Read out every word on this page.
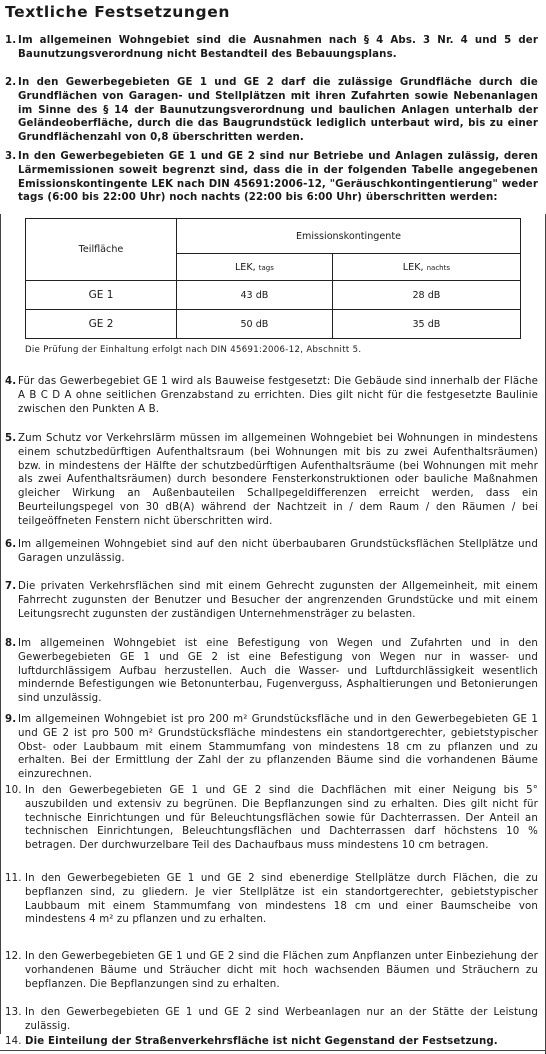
Textliche Festsetzungen
1. Im allgemeinen Wohngebiet sind die Ausnahmen nach § 4 Abs. 3 Nr. 4 und 5 der Baunutzungsverordnung nicht Bestandteil des Bebauungsplans.
2. In den Gewerbegebieten GE 1 und GE 2 darf die zulässige Grundfläche durch die Grundflächen von Garagen- und Stellplätzen mit ihren Zufahrten sowie Nebenanlagen im Sinne des § 14 der Baunutzungsverordnung und baulichen Anlagen unterhalb der Geländeoberfläche, durch die das Baugrundstück lediglich unterbaut wird, bis zu einer Grundflächenzahl von 0,8 überschritten werden.
3. In den Gewerbegebieten GE 1 und GE 2 sind nur Betriebe und Anlagen zulässig, deren Lärmemissionen soweit begrenzt sind, dass die in der folgenden Tabelle angegebenen Emissionskontingente LEK nach DIN 45691:2006-12, "Geräuschkontingentierung" weder tags (6:00 bis 22:00 Uhr) noch nachts (22:00 bis 6:00 Uhr) überschritten werden:
Teilfläche	Emissionskontingente	
	LEK, tags	LEK, nachts
GE 1	43 dB	28 dB
GE 2	50 dB	35 dB
Die Prüfung der Einhaltung erfolgt nach DIN 45691:2006-12, Abschnitt 5.
4. Für das Gewerbegebiet GE 1 wird als Bauweise festgesetzt: Die Gebäude sind innerhalb der Fläche A B C D A ohne seitlichen Grenzabstand zu errichten. Dies gilt nicht für die festgesetzte Baulinie zwischen den Punkten A B.
5. Zum Schutz vor Verkehrslärm müssen im allgemeinen Wohngebiet bei Wohnungen in mindestens einem schutzbedürftigen Aufenthaltsraum (bei Wohnungen mit bis zu zwei Aufenthaltsräumen) bzw. in mindestens der Hälfte der schutzbedürftigen Aufenthaltsräume (bei Wohnungen mit mehr als zwei Aufenthaltsräumen) durch besondere Fensterkonstruktionen oder bauliche Maßnahmen gleicher Wirkung an Außenbauteilen Schallpegeldifferenzen erreicht werden, dass ein Beurteilungspegel von 30 dB(A) während der Nachtzeit in / dem Raum / den Räumen / bei teilgeöffneten Fenstern nicht überschritten wird.
6. Im allgemeinen Wohngebiet sind auf den nicht überbaubaren Grundstücksflächen Stellplätze und Garagen unzulässig.
7. Die privaten Verkehrsflächen sind mit einem Gehrecht zugunsten der Allgemeinheit, mit einem Fahrrecht zugunsten der Benutzer und Besucher der angrenzenden Grundstücke und mit einem Leitungsrecht zugunsten der zuständigen Unternehmensträger zu belasten.
8. Im allgemeinen Wohngebiet ist eine Befestigung von Wegen und Zufahrten und in den Gewerbegebieten GE 1 und GE 2 ist eine Befestigung von Wegen nur in wasser- und luftdurchlässigem Aufbau herzustellen. Auch die Wasser- und Luftdurchlässigkeit wesentlich mindernde Befestigungen wie Betonunterbau, Fugenverguss, Asphaltierungen und Betonierungen sind unzulässig.
9. Im allgemeinen Wohngebiet ist pro 200 m² Grundstücksfläche und in den Gewerbegebieten GE 1 und GE 2 ist pro 500 m² Grundstücksfläche mindestens ein standortgerechter, gebietstypischer Obst- oder Laubbaum mit einem Stammumfang von mindestens 18 cm zu pflanzen und zu erhalten. Bei der Ermittlung der Zahl der zu pflanzenden Bäume sind die vorhandenen Bäume einzurechnen.
10. In den Gewerbegebieten GE 1 und GE 2 sind die Dachflächen mit einer Neigung bis 5° auszubilden und extensiv zu begrünen. Die Bepflanzungen sind zu erhalten. Dies gilt nicht für technische Einrichtungen und für Beleuchtungsflächen sowie für Dachterrassen. Der Anteil an technischen Einrichtungen, Beleuchtungsflächen und Dachterrassen darf höchstens 10 % betragen. Der durchwurzelbare Teil des Dachaufbaus muss mindestens 10 cm betragen.
11. In den Gewerbegebieten GE 1 und GE 2 sind ebenerdige Stellplätze durch Flächen, die zu bepflanzen sind, zu gliedern. Je vier Stellplätze ist ein standortgerechter, gebietstypischer Laubbaum mit einem Stammumfang von mindestens 18 cm und einer Baumscheibe von mindestens 4 m² zu pflanzen und zu erhalten.
12. In den Gewerbegebieten GE 1 und GE 2 sind die Flächen zum Anpflanzen unter Einbeziehung der vorhandenen Bäume und Sträucher dicht mit hoch wachsenden Bäumen und Sträuchern zu bepflanzen. Die Bepflanzungen sind zu erhalten.
13. In den Gewerbegebieten GE 1 und GE 2 sind Werbeanlagen nur an der Stätte der Leistung zulässig.
14. Die Einteilung der Straßenverkehrsfläche ist nicht Gegenstand der Festsetzung.
